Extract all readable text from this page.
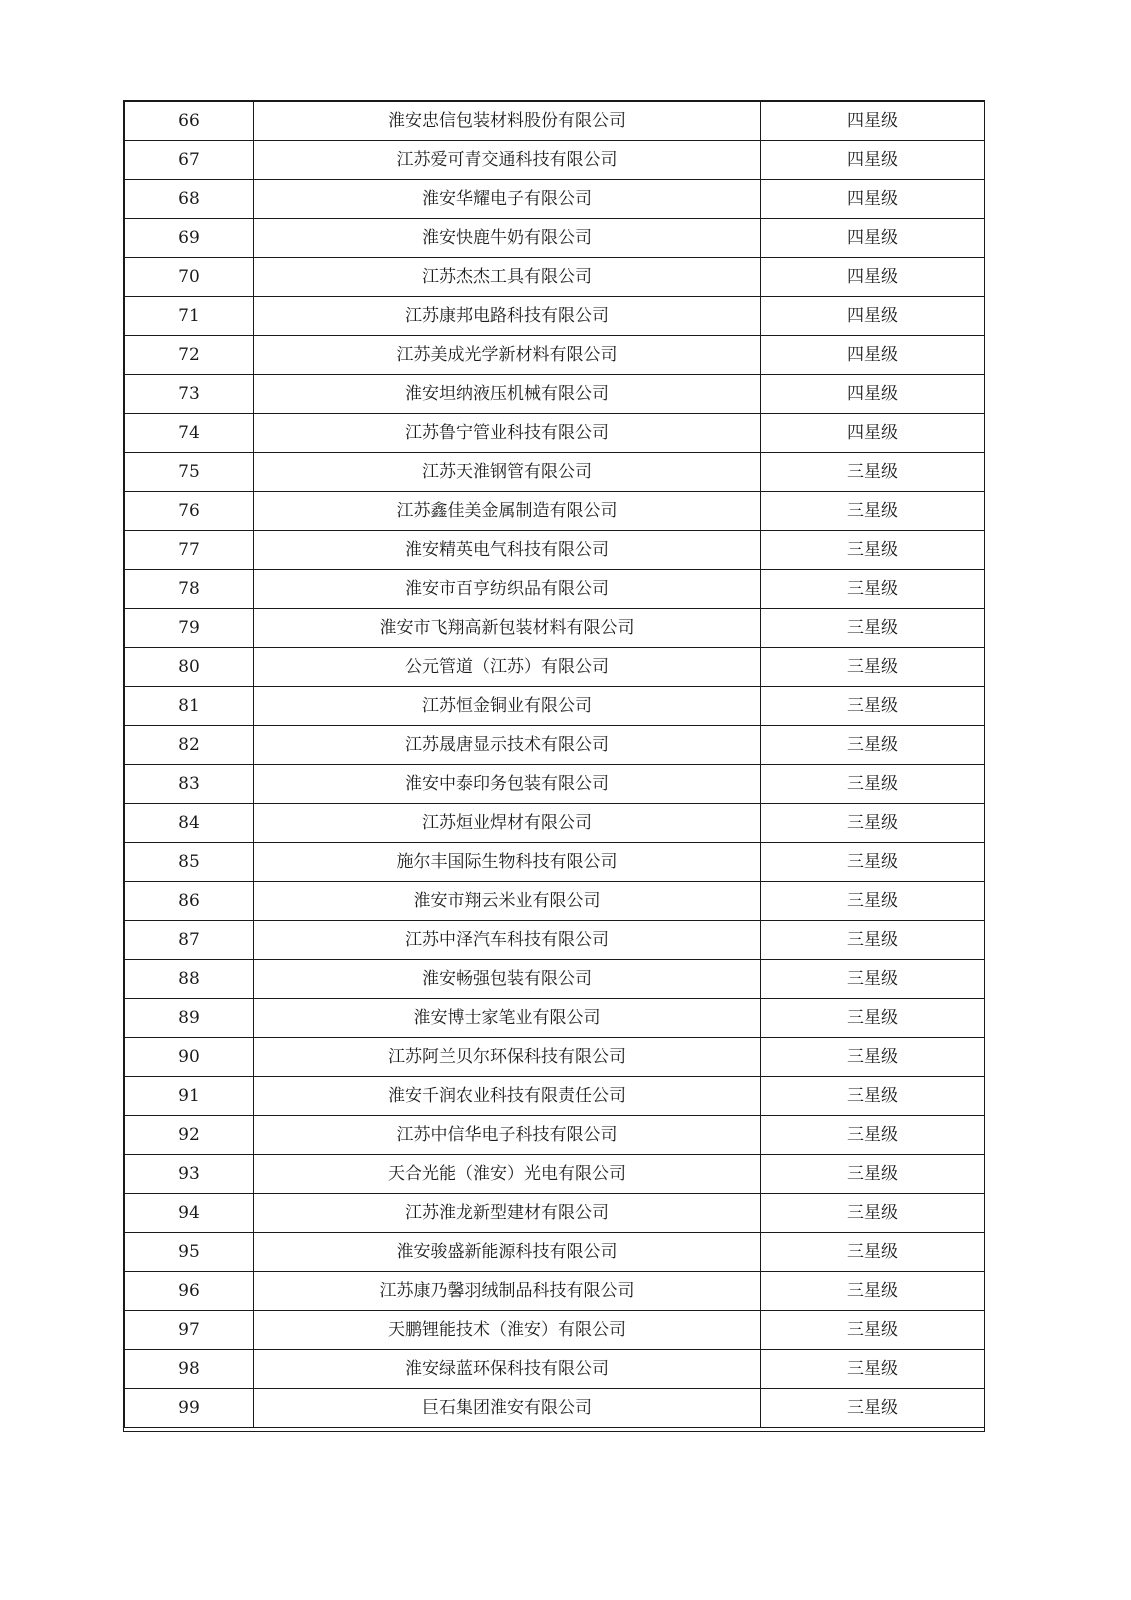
66	淮安忠信包装材料股份有限公司	四星级
67	江苏爱可青交通科技有限公司	四星级
68	淮安华耀电子有限公司	四星级
69	淮安快鹿牛奶有限公司	四星级
70	江苏杰杰工具有限公司	四星级
71	江苏康邦电路科技有限公司	四星级
72	江苏美成光学新材料有限公司	四星级
73	淮安坦纳液压机械有限公司	四星级
74	江苏鲁宁管业科技有限公司	四星级
75	江苏天淮钢管有限公司	三星级
76	江苏鑫佳美金属制造有限公司	三星级
77	淮安精英电气科技有限公司	三星级
78	淮安市百亨纺织品有限公司	三星级
79	淮安市飞翔高新包装材料有限公司	三星级
80	公元管道（江苏）有限公司	三星级
81	江苏恒金铜业有限公司	三星级
82	江苏晟唐显示技术有限公司	三星级
83	淮安中泰印务包装有限公司	三星级
84	江苏烜业焊材有限公司	三星级
85	施尔丰国际生物科技有限公司	三星级
86	淮安市翔云米业有限公司	三星级
87	江苏中泽汽车科技有限公司	三星级
88	淮安畅强包装有限公司	三星级
89	淮安博士家笔业有限公司	三星级
90	江苏阿兰贝尔环保科技有限公司	三星级
91	淮安千润农业科技有限责任公司	三星级
92	江苏中信华电子科技有限公司	三星级
93	天合光能（淮安）光电有限公司	三星级
94	江苏淮龙新型建材有限公司	三星级
95	淮安骏盛新能源科技有限公司	三星级
96	江苏康乃馨羽绒制品科技有限公司	三星级
97	天鹏锂能技术（淮安）有限公司	三星级
98	淮安绿蓝环保科技有限公司	三星级
99	巨石集团淮安有限公司	三星级
